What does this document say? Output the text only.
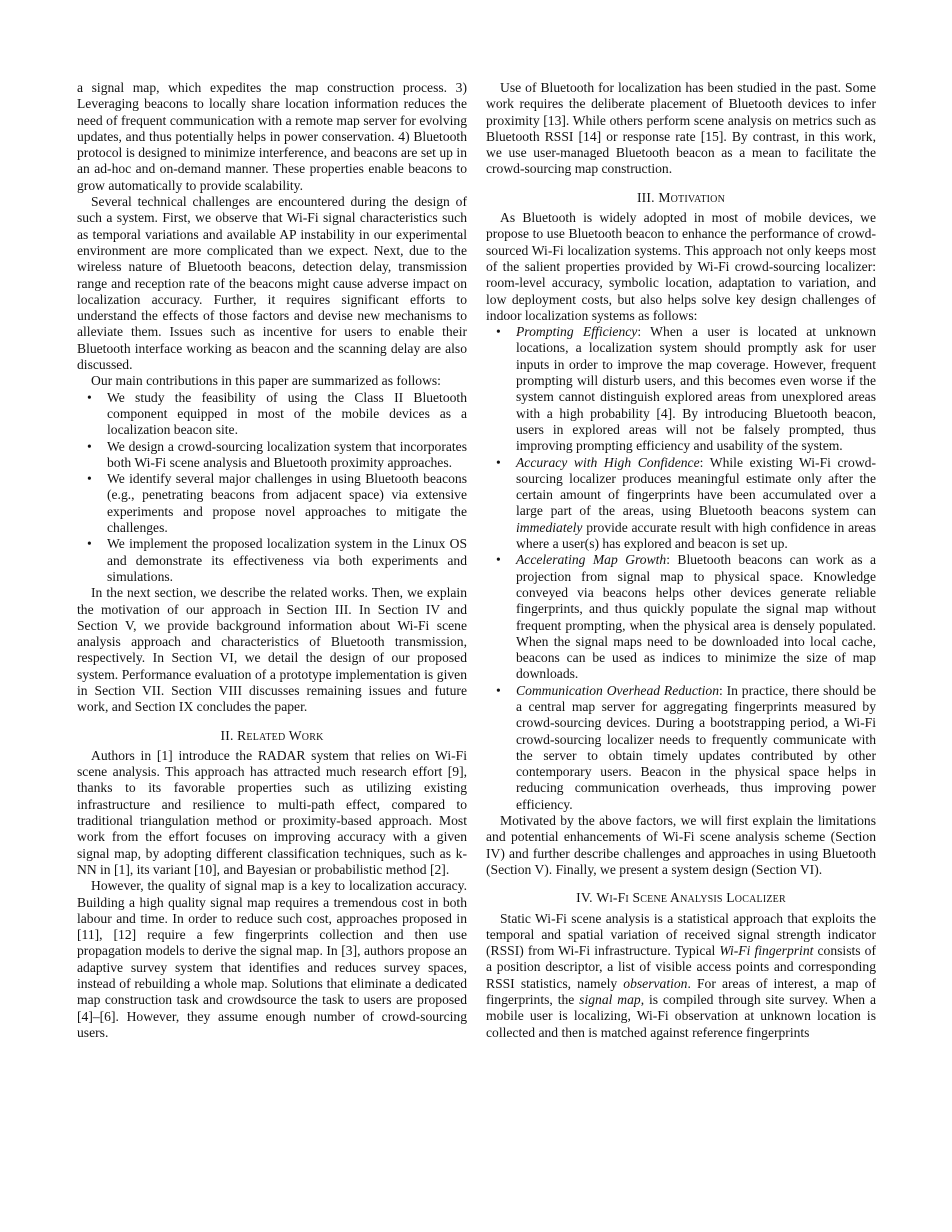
a signal map, which expedites the map construction process. 3) Leveraging beacons to locally share location information reduces the need of frequent communication with a remote map server for evolving updates, and thus potentially helps in power conservation. 4) Bluetooth protocol is designed to minimize interference, and beacons are set up in an ad-hoc and on-demand manner. These properties enable beacons to grow automatically to provide scalability.

Several technical challenges are encountered during the design of such a system. First, we observe that Wi-Fi signal characteristics such as temporal variations and available AP instability in our experimental environment are more complicated than we expect. Next, due to the wireless nature of Bluetooth beacons, detection delay, transmission range and reception rate of the beacons might cause adverse impact on localization accuracy. Further, it requires significant efforts to understand the effects of those factors and devise new mechanisms to alleviate them. Issues such as incentive for users to enable their Bluetooth interface working as beacon and the scanning delay are also discussed.

Our main contributions in this paper are summarized as follows:

• We study the feasibility of using the Class II Bluetooth component equipped in most of the mobile devices as a localization beacon site.
• We design a crowd-sourcing localization system that incorporates both Wi-Fi scene analysis and Bluetooth proximity approaches.
• We identify several major challenges in using Bluetooth beacons (e.g., penetrating beacons from adjacent space) via extensive experiments and propose novel approaches to mitigate the challenges.
• We implement the proposed localization system in the Linux OS and demonstrate its effectiveness via both experiments and simulations.

In the next section, we describe the related works. Then, we explain the motivation of our approach in Section III. In Section IV and Section V, we provide background information about Wi-Fi scene analysis approach and characteristics of Bluetooth transmission, respectively. In Section VI, we detail the design of our proposed system. Performance evaluation of a prototype implementation is given in Section VII. Section VIII discusses remaining issues and future work, and Section IX concludes the paper.

II. Related Work

Authors in [1] introduce the RADAR system that relies on Wi-Fi scene analysis. This approach has attracted much research effort [9], thanks to its favorable properties such as utilizing existing infrastructure and resilience to multi-path effect, compared to traditional triangulation method or proximity-based approach. Most work from the effort focuses on improving accuracy with a given signal map, by adopting different classification techniques, such as k-NN in [1], its variant [10], and Bayesian or probabilistic method [2].

However, the quality of signal map is a key to localization accuracy. Building a high quality signal map requires a tremendous cost in both labour and time. In order to reduce such cost, approaches proposed in [11], [12] require a few fingerprints collection and then use propagation models to derive the signal map. In [3], authors propose an adaptive survey system that identifies and reduces survey spaces, instead of rebuilding a whole map. Solutions that eliminate a dedicated map construction task and crowdsource the task to users are proposed [4]–[6]. However, they assume enough number of crowd-sourcing users.

Use of Bluetooth for localization has been studied in the past. Some work requires the deliberate placement of Bluetooth devices to infer proximity [13]. While others perform scene analysis on metrics such as Bluetooth RSSI [14] or response rate [15]. By contrast, in this work, we use user-managed Bluetooth beacon as a mean to facilitate the crowd-sourcing map construction.

III. Motivation

As Bluetooth is widely adopted in most of mobile devices, we propose to use Bluetooth beacon to enhance the performance of crowd-sourced Wi-Fi localization systems. This approach not only keeps most of the salient properties provided by Wi-Fi crowd-sourcing localizer: room-level accuracy, symbolic location, adaptation to variation, and low deployment costs, but also helps solve key design challenges of indoor localization systems as follows:

• Prompting Efficiency: When a user is located at unknown locations, a localization system should promptly ask for user inputs in order to improve the map coverage. However, frequent prompting will disturb users, and this becomes even worse if the system cannot distinguish explored areas from unexplored areas with a high probability [4]. By introducing Bluetooth beacon, users in explored areas will not be falsely prompted, thus improving prompting efficiency and usability of the system.
• Accuracy with High Confidence: While existing Wi-Fi crowd-sourcing localizer produces meaningful estimate only after the certain amount of fingerprints have been accumulated over a large part of the areas, using Bluetooth beacons system can immediately provide accurate result with high confidence in areas where a user(s) has explored and beacon is set up.
• Accelerating Map Growth: Bluetooth beacons can work as a projection from signal map to physical space. Knowledge conveyed via beacons helps other devices generate reliable fingerprints, and thus quickly populate the signal map without frequent prompting, when the physical area is densely populated. When the signal maps need to be downloaded into local cache, beacons can be used as indices to minimize the size of map downloads.
• Communication Overhead Reduction: In practice, there should be a central map server for aggregating fingerprints measured by crowd-sourcing devices. During a bootstrapping period, a Wi-Fi crowd-sourcing localizer needs to frequently communicate with the server to obtain timely updates contributed by other contemporary users. Beacon in the physical space helps in reducing communication overheads, thus improving power efficiency.

Motivated by the above factors, we will first explain the limitations and potential enhancements of Wi-Fi scene analysis scheme (Section IV) and further describe challenges and approaches in using Bluetooth (Section V). Finally, we present a system design (Section VI).

IV. Wi-Fi Scene Analysis Localizer

Static Wi-Fi scene analysis is a statistical approach that exploits the temporal and spatial variation of received signal strength indicator (RSSI) from Wi-Fi infrastructure. Typical Wi-Fi fingerprint consists of a position descriptor, a list of visible access points and corresponding RSSI statistics, namely observation. For areas of interest, a map of fingerprints, the signal map, is compiled through site survey. When a mobile user is localizing, Wi-Fi observation at unknown location is collected and then is matched against reference fingerprints
